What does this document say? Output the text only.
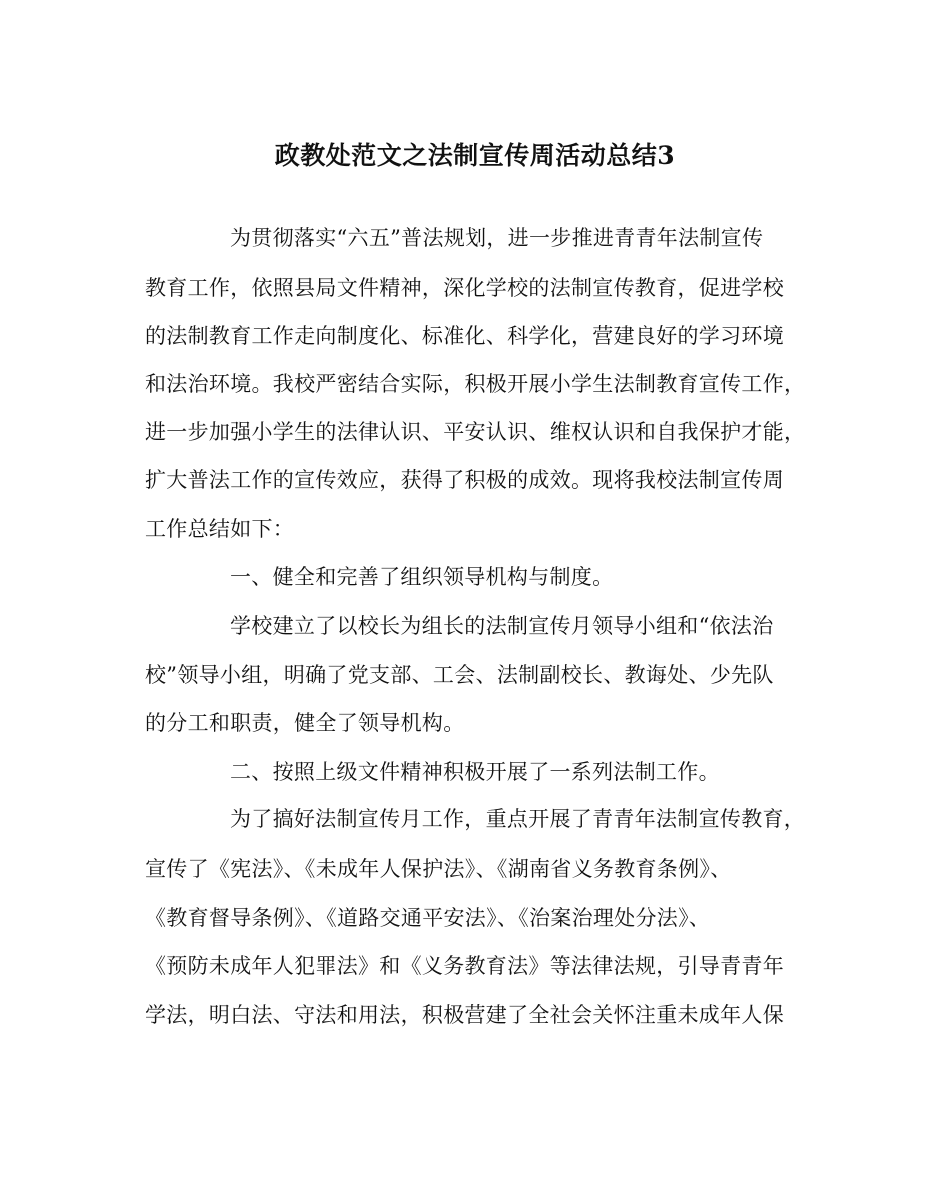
政教处范文之法制宣传周活动总结3
为贯彻落实“六五”普法规划，进一步推进青青年法制宣传
教育工作，依照县局文件精神，深化学校的法制宣传教育，促进学校
的法制教育工作走向制度化、标准化、科学化，营建良好的学习环境
和法治环境。我校严密结合实际，积极开展小学生法制教育宣传工作，
进一步加强小学生的法律认识、平安认识、维权认识和自我保护才能，
扩大普法工作的宣传效应，获得了积极的成效。现将我校法制宣传周
工作总结如下：
一、健全和完善了组织领导机构与制度。
学校建立了以校长为组长的法制宣传月领导小组和“依法治
校”领导小组，明确了党支部、工会、法制副校长、教诲处、少先队
的分工和职责，健全了领导机构。
二、按照上级文件精神积极开展了一系列法制工作。
为了搞好法制宣传月工作，重点开展了青青年法制宣传教育，
宣传了《宪法》、《未成年人保护法》、《湖南省义务教育条例》、
《教育督导条例》、《道路交通平安法》、《治案治理处分法》、
《预防未成年人犯罪法》和《义务教育法》等法律法规，引导青青年
学法，明白法、守法和用法，积极营建了全社会关怀注重未成年人保
